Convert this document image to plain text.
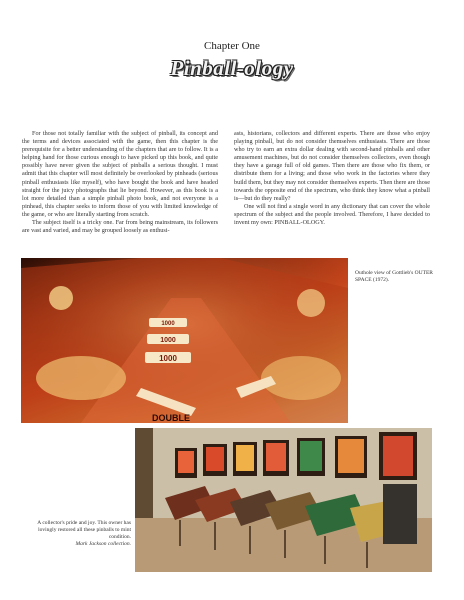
Chapter One
Pinball-ology

For those not totally familiar with the subject of pinball, its concept and the terms and devices associated with the game, then this chapter is the prerequisite for a better understanding of the chapters that are to follow. It is a helping hand for those curious enough to have picked up this book, and quite possibly have never given the subject of pinballs a serious thought. I must admit that this chapter will most definitely be overlooked by pinheads (serious pinball enthusiasts like myself), who have bought the book and have headed straight for the juicy photographs that lie beyond. However, as this book is a lot more detailed than a simple pinball photo book, and not everyone is a pinhead, this chapter seeks to inform those of you with limited knowledge of the game, or who are literally starting from scratch.

The subject itself is a tricky one. Far from being mainstream, its followers are vast and varied, and may be grouped loosely as enthusi-

asts, historians, collectors and different experts. There are those who enjoy playing pinball, but do not consider themselves enthusiasts. There are those who try to earn an extra dollar dealing with second-hand pinballs and other amusement machines, but do not consider themselves collectors, even though they have a garage full of old games. Then there are those who fix them, or distribute them for a living; and those who work in the factories where they build them, but they may not consider themselves experts. Then there are those towards the opposite end of the spectrum, who think they know what a pinball is—but do they really?

One will not find a single word in any dictionary that can cover the whole spectrum of the subject and the people involved. Therefore, I have decided to invent my own: PINBALL-OLOGY.

1000
1000
1000
DOUBLE
Outhole view of Gottlieb's OUTER SPACE (1972).
A collector's pride and joy. This owner has lovingly restored all these pinballs to mint condition.
Mark Jackson collection.
